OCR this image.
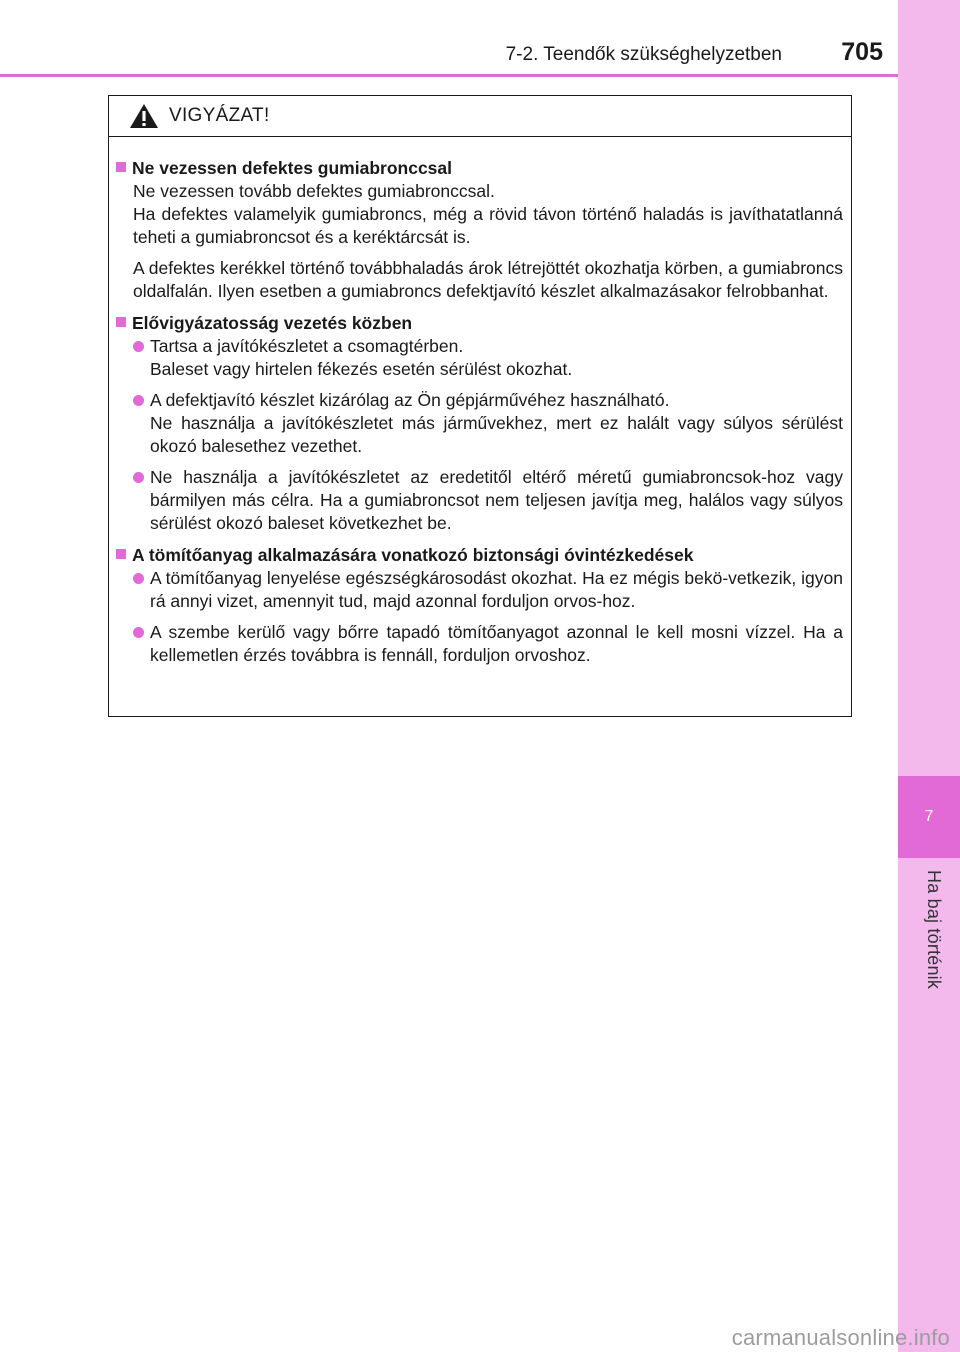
7-2. Teendők szükséghelyzetben 705
7
Ha baj történik
VIGYÁZAT!
Ne vezessen defektes gumiabronccsal
Ne vezessen tovább defektes gumiabronccsal.
Ha defektes valamelyik gumiabroncs, még a rövid távon történő haladás is javíthatatlanná teheti a gumiabroncsot és a keréktárcsát is.
A defektes kerékkel történő továbbhaladás árok létrejöttét okozhatja körben, a gumiabroncs oldalfalán. Ilyen esetben a gumiabroncs defektjavító készlet alkalmazásakor felrobbanhat.
Elővigyázatosság vezetés közben
Tartsa a javítókészletet a csomagtérben.
Baleset vagy hirtelen fékezés esetén sérülést okozhat.
A defektjavító készlet kizárólag az Ön gépjárművéhez használható.
Ne használja a javítókészletet más járművekhez, mert ez halált vagy súlyos sérülést okozó balesethez vezethet.
Ne használja a javítókészletet az eredetitől eltérő méretű gumiabroncsok-hoz vagy bármilyen más célra. Ha a gumiabroncsot nem teljesen javítja meg, halálos vagy súlyos sérülést okozó baleset következhet be.
A tömítőanyag alkalmazására vonatkozó biztonsági óvintézkedések
A tömítőanyag lenyelése egészségkárosodást okozhat. Ha ez mégis bekö-vetkezik, igyon rá annyi vizet, amennyit tud, majd azonnal forduljon orvos-hoz.
A szembe kerülő vagy bőrre tapadó tömítőanyagot azonnal le kell mosni vízzel. Ha a kellemetlen érzés továbbra is fennáll, forduljon orvoshoz.
carmanualsonline.info
